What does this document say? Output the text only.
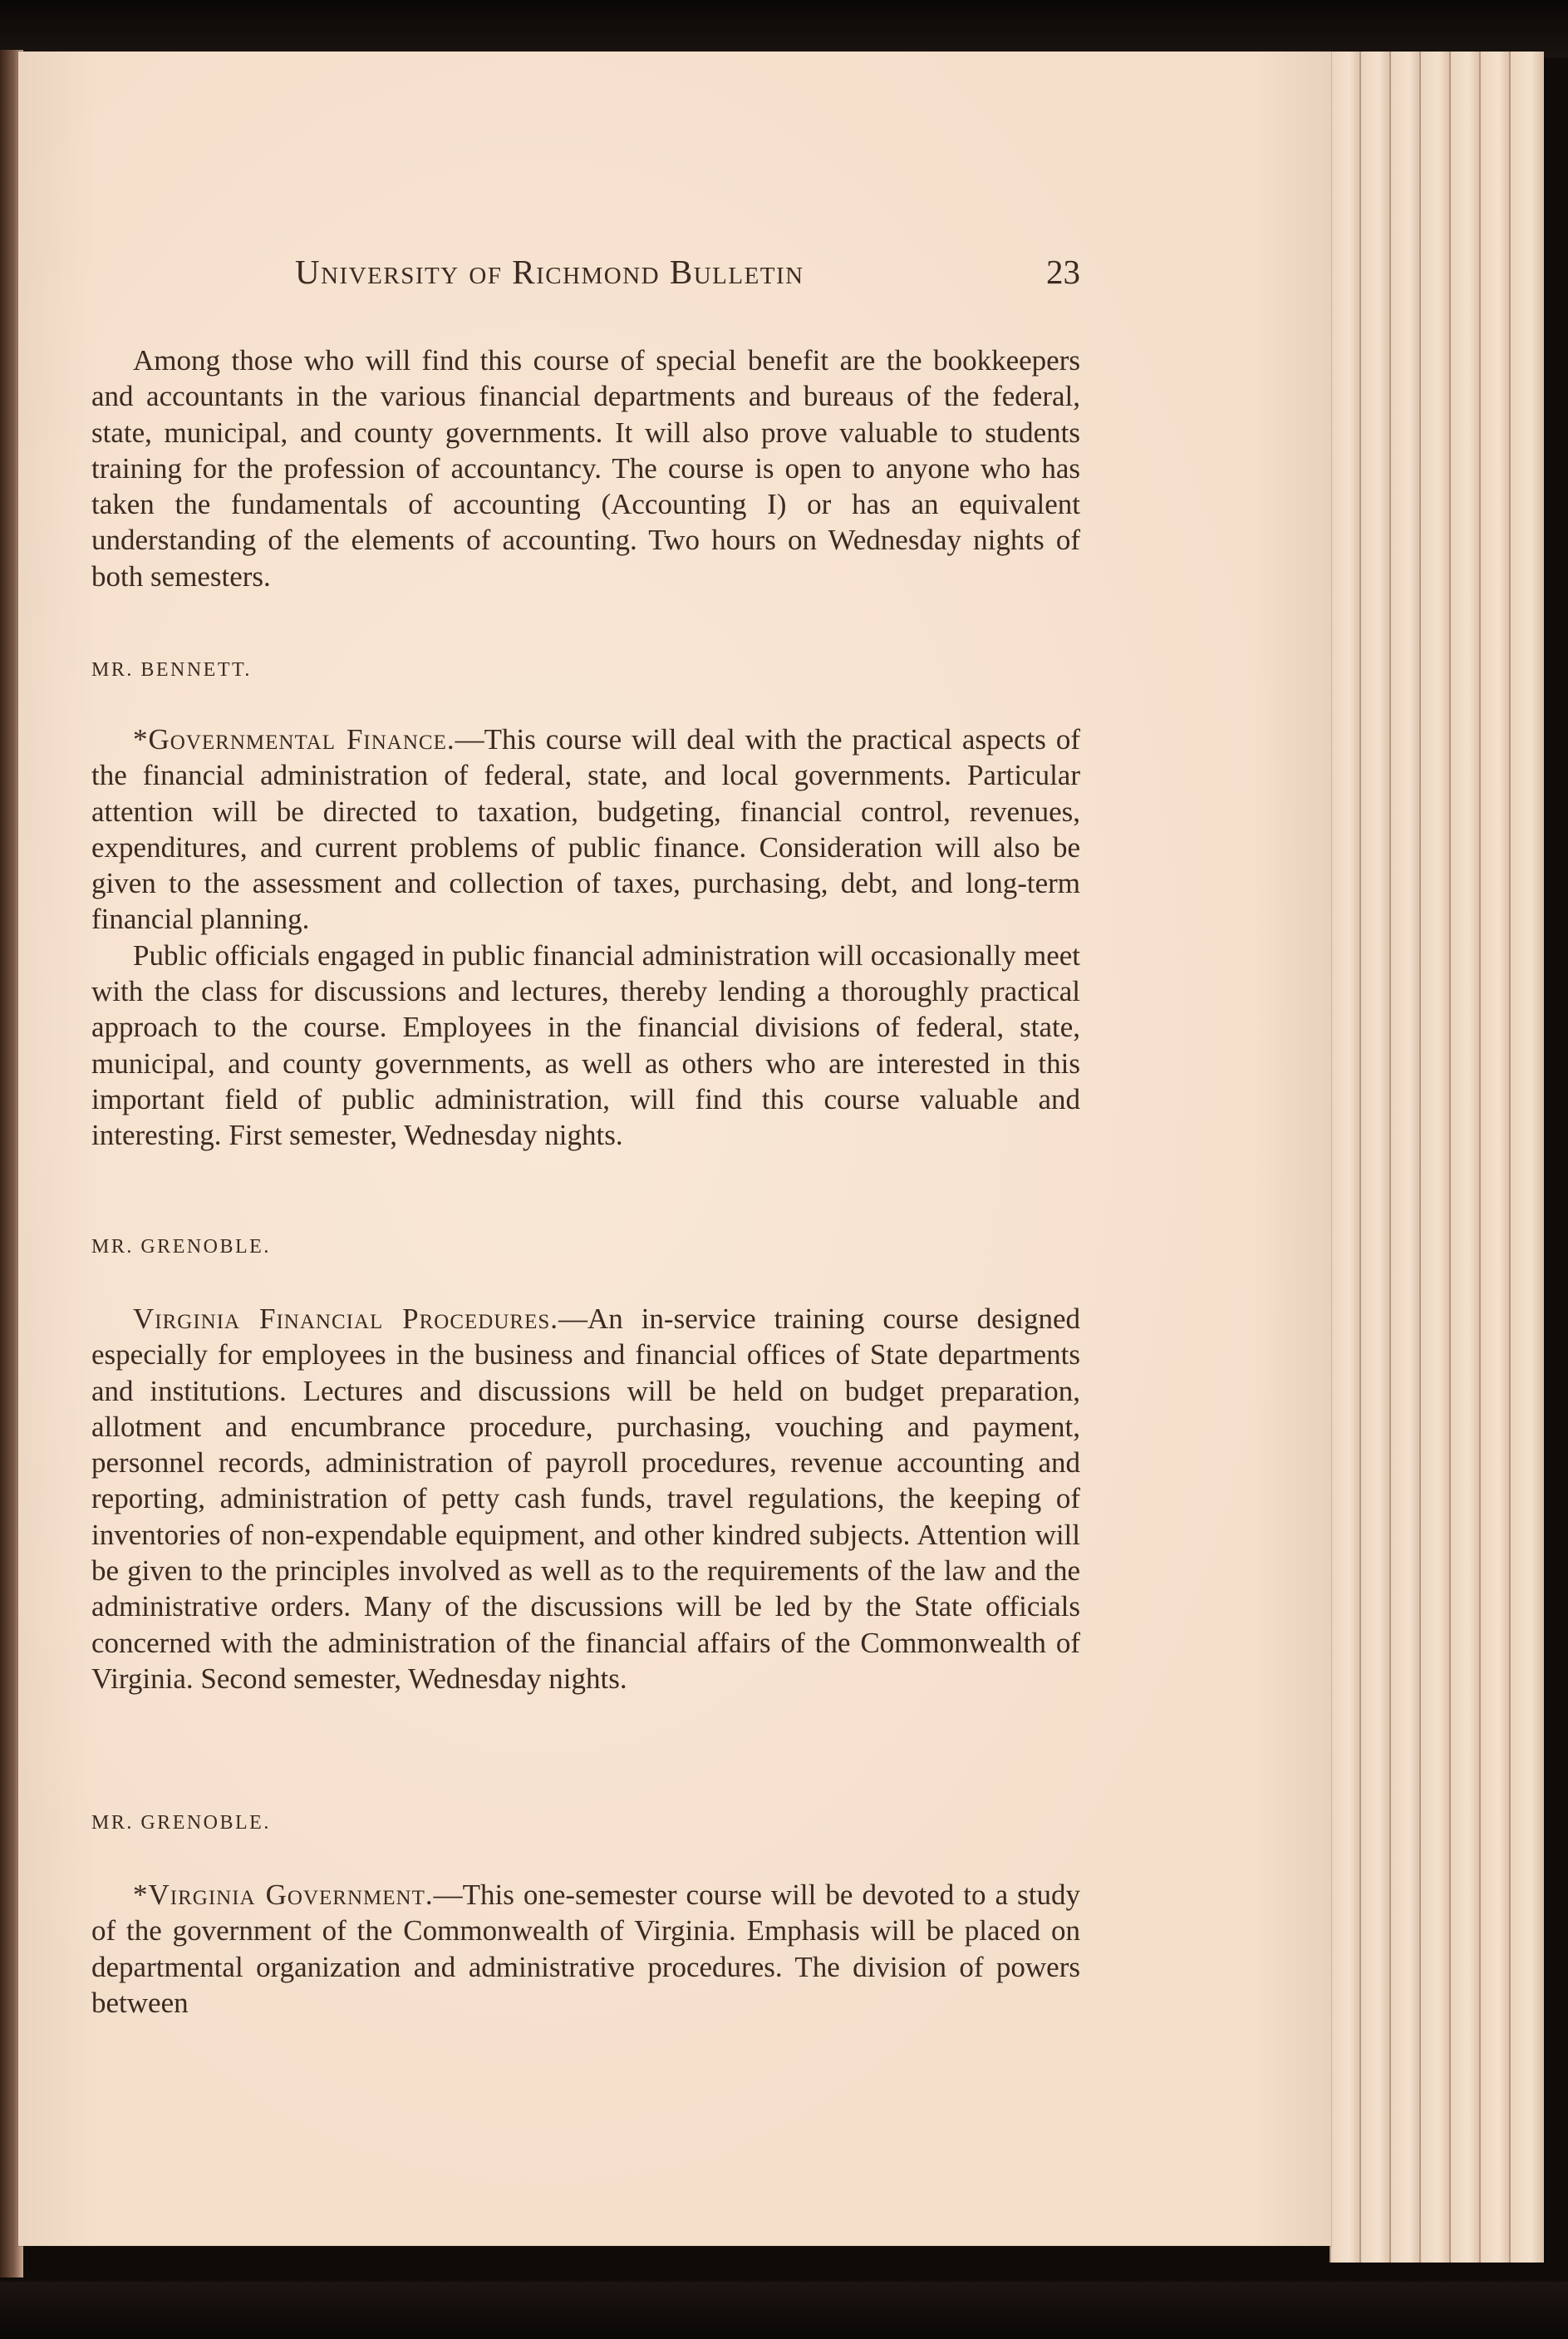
University of Richmond Bulletin	23

Among those who will find this course of special benefit are the bookkeepers and accountants in the various financial departments and bureaus of the federal, state, municipal, and county governments. It will also prove valuable to students training for the profession of accountancy. The course is open to anyone who has taken the fundamentals of accounting (Accounting I) or has an equivalent understanding of the elements of accounting. Two hours on Wednesday nights of both semesters.

MR. BENNETT.

*Governmental Finance.—This course will deal with the practical aspects of the financial administration of federal, state, and local governments. Particular attention will be directed to taxation, budgeting, financial control, revenues, expenditures, and current problems of public finance. Consideration will also be given to the assessment and collection of taxes, purchasing, debt, and long-term financial planning.

Public officials engaged in public financial administration will occasionally meet with the class for discussions and lectures, thereby lending a thoroughly practical approach to the course. Employees in the financial divisions of federal, state, municipal, and county governments, as well as others who are interested in this important field of public administration, will find this course valuable and interesting. First semester, Wednesday nights.

MR. GRENOBLE.

Virginia Financial Procedures.—An in-service training course designed especially for employees in the business and financial offices of State departments and institutions. Lectures and discussions will be held on budget preparation, allotment and encumbrance procedure, purchasing, vouching and payment, personnel records, administration of payroll procedures, revenue accounting and reporting, administration of petty cash funds, travel regulations, the keeping of inventories of non-expendable equipment, and other kindred subjects. Attention will be given to the principles involved as well as to the requirements of the law and the administrative orders. Many of the discussions will be led by the State officials concerned with the administration of the financial affairs of the Commonwealth of Virginia. Second semester, Wednesday nights.

MR. GRENOBLE.

*Virginia Government.—This one-semester course will be devoted to a study of the government of the Commonwealth of Virginia. Emphasis will be placed on departmental organization and administrative procedures. The division of powers between
